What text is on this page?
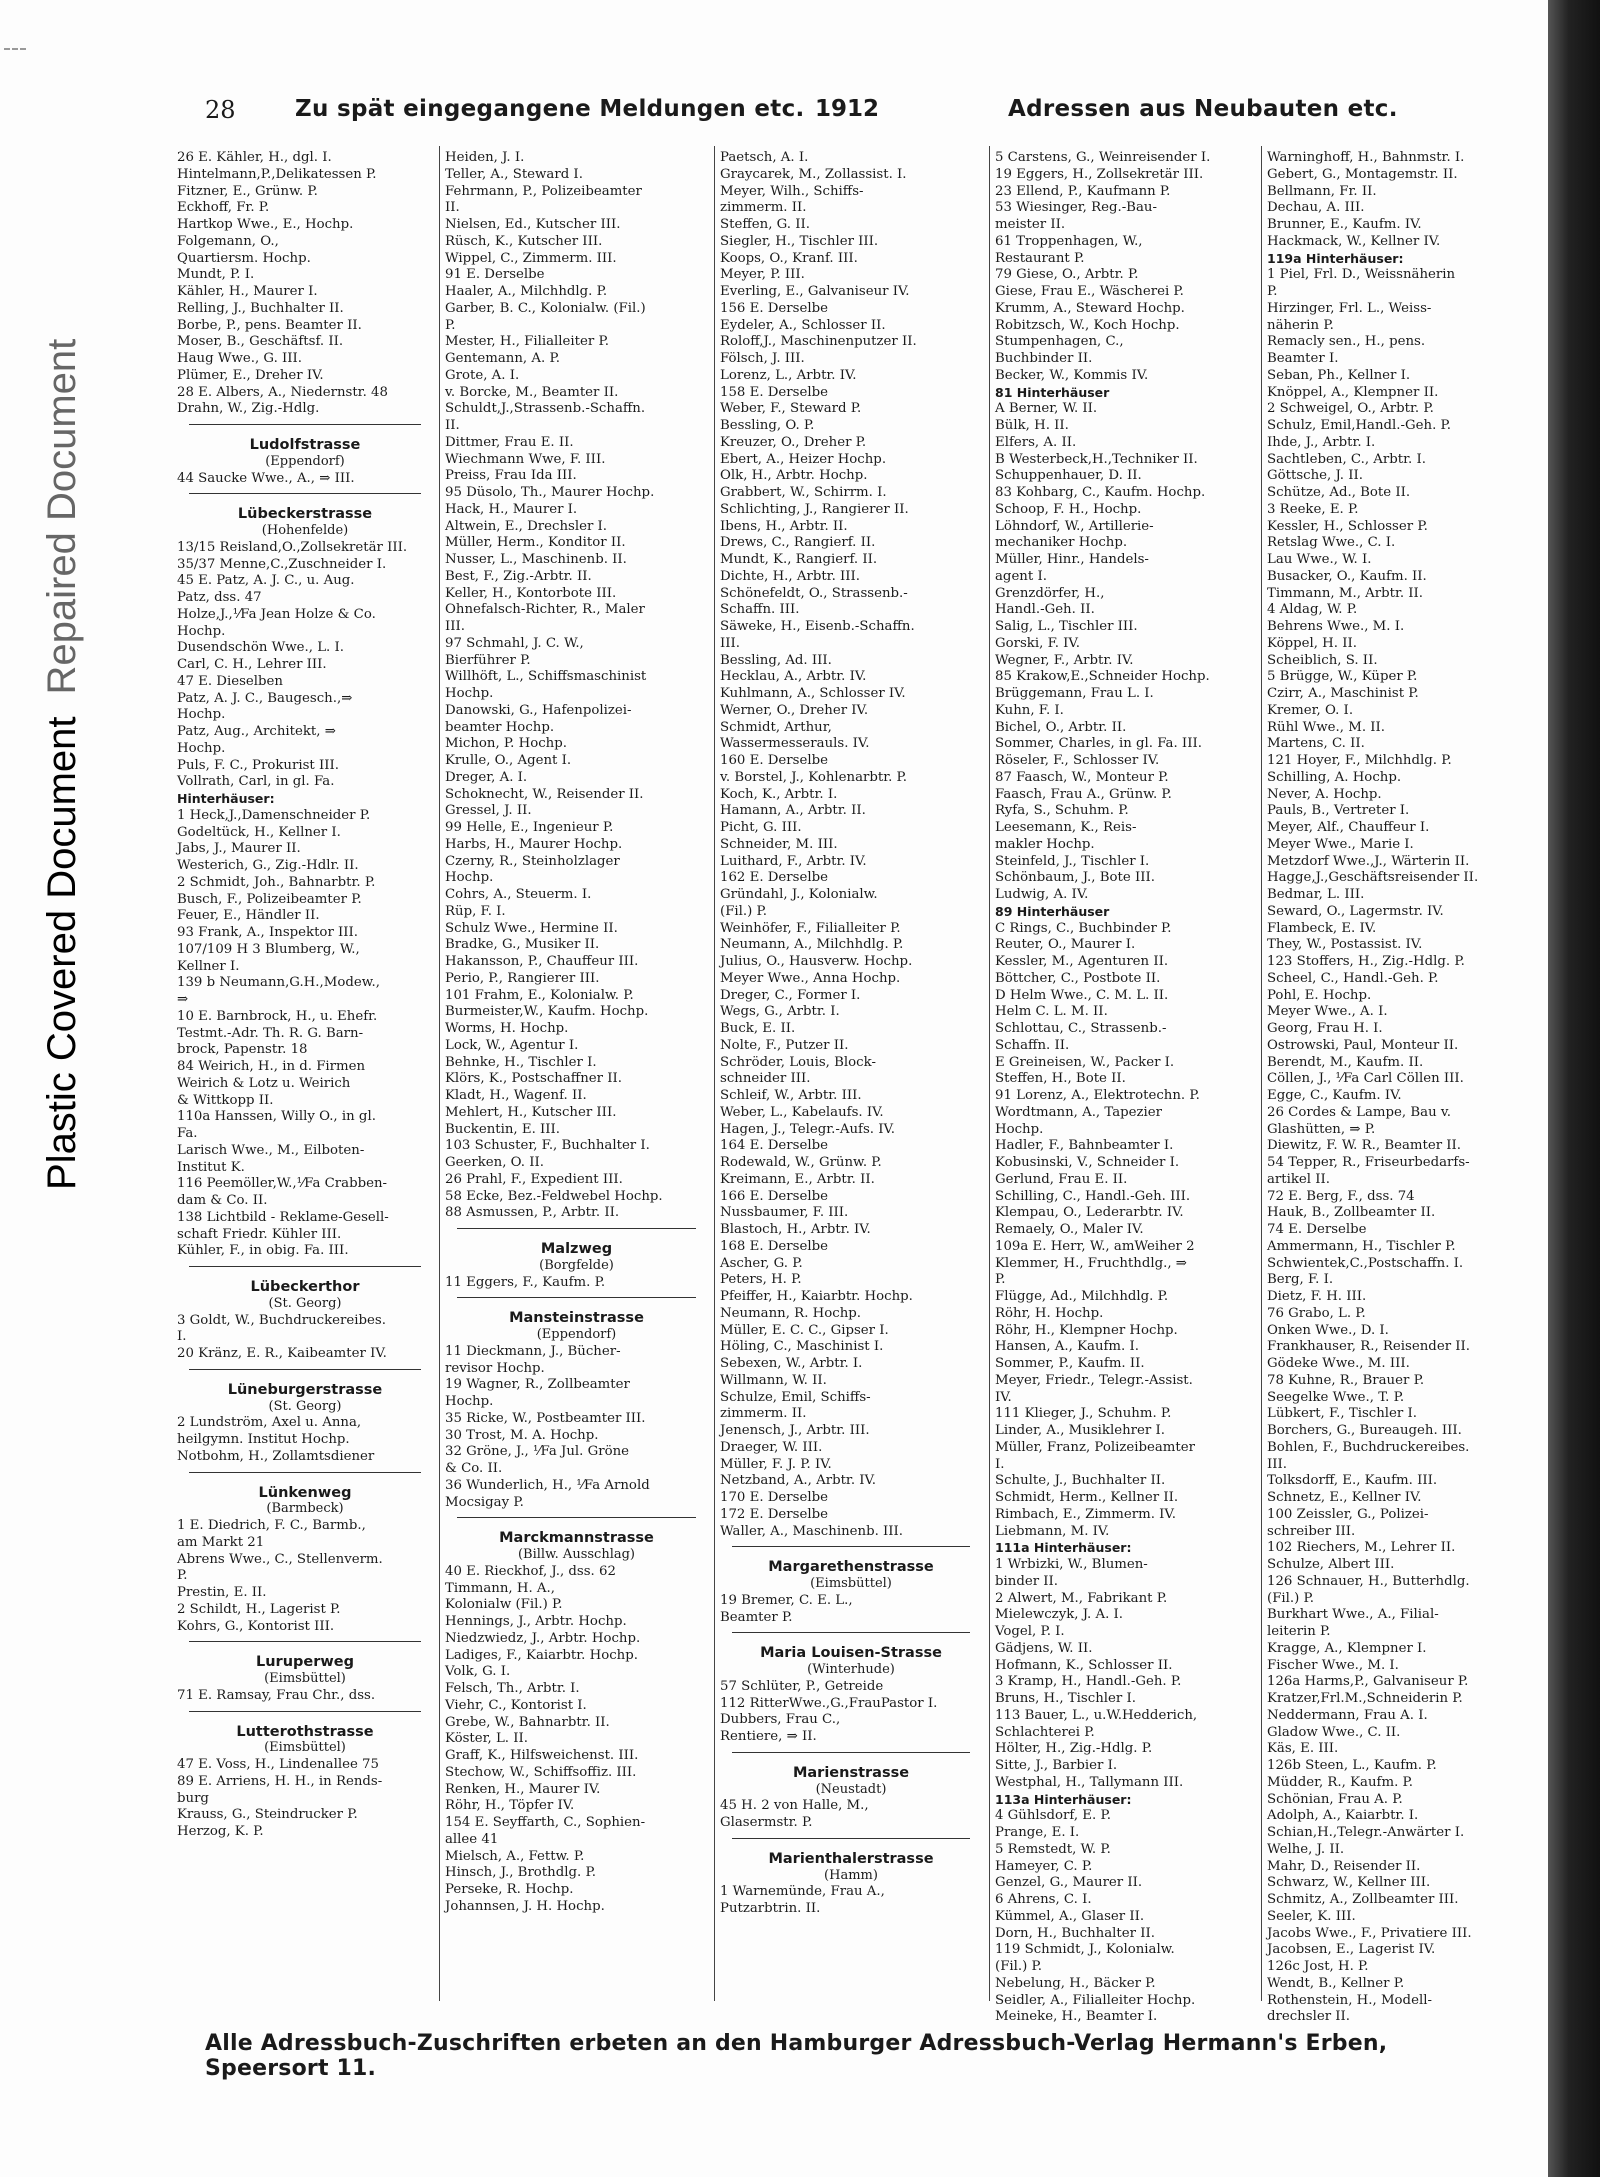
Plastic Covered DocumentRepaired Document
28	Zu spät eingegangene Meldungen etc. 1912	Adressen aus Neubauten etc.
26 E. Kähler, H., dgl. I.
Hintelmann,P.,Delikatessen P.
Fitzner, E., Grünw. P.
Eckhoff, Fr. P.
Hartkop Wwe., E., Hochp.
Folgemann, O.,
Quartiersm. Hochp.
Mundt, P. I.
Kähler, H., Maurer I.
Relling, J., Buchhalter II.
Borbe, P., pens. Beamter II.
Moser, B., Geschäftsf. II.
Haug Wwe., G. III.
Plümer, E., Dreher IV.
28 E. Albers, A., Niedernstr. 48
Drahn, W., Zig.-Hdlg.
Ludolfstrasse
(Eppendorf)
44 Saucke Wwe., A., ⇒ III.
Lübeckerstrasse
(Hohenfelde)
13/15 Reisland,O.,Zollsekretär III.
35/37 Menne,C.,Zuschneider I.
45 E. Patz, A. J. C., u. Aug.
Patz, dss. 47
Holze,J.,⅟Fa Jean Holze & Co.
Hochp.
Dusendschön Wwe., L. I.
Carl, C. H., Lehrer III.
47 E. Dieselben
Patz, A. J. C., Baugesch.,⇒
Hochp.
Patz, Aug., Architekt, ⇒
Hochp.
Puls, F. C., Prokurist III.
Vollrath, Carl, in gl. Fa.
Hinterhäuser:
1 Heck,J.,Damenschneider P.
Godeltück, H., Kellner I.
Jabs, J., Maurer II.
Westerich, G., Zig.-Hdlr. II.
2 Schmidt, Joh., Bahnarbtr. P.
Busch, F., Polizeibeamter P.
Feuer, E., Händler II.
93 Frank, A., Inspektor III.
107/109 H 3 Blumberg, W.,
Kellner I.
139 b Neumann,G.H.,Modew.,
⇒
10 E. Barnbrock, H., u. Ehefr.
Testmt.-Adr. Th. R. G. Barn-
brock, Papenstr. 18
84 Weirich, H., in d. Firmen
Weirich & Lotz u. Weirich
& Wittkopp II.
110a Hanssen, Willy O., in gl.
Fa.
Larisch Wwe., M., Eilboten-
Institut K.
116 Peemöller,W.,⅟Fa Crabben-
dam & Co. II.
138 Lichtbild - Reklame-Gesell-
schaft Friedr. Kühler III.
Kühler, F., in obig. Fa. III.
Lübeckerthor
(St. Georg)
3 Goldt, W., Buchdruckereibes.
I.
20 Kränz, E. R., Kaibeamter IV.
Lüneburgerstrasse
(St. Georg)
2 Lundström, Axel u. Anna,
heilgymn. Institut Hochp.
Notbohm, H., Zollamtsdiener
Lünkenweg
(Barmbeck)
1 E. Diedrich, F. C., Barmb.,
am Markt 21
Abrens Wwe., C., Stellenverm.
P.
Prestin, E. II.
2 Schildt, H., Lagerist P.
Kohrs, G., Kontorist III.
Luruperweg
(Eimsbüttel)
71 E. Ramsay, Frau Chr., dss.
Lutterothstrasse
(Eimsbüttel)
47 E. Voss, H., Lindenallee 75
89 E. Arriens, H. H., in Rends-
burg
Krauss, G., Steindrucker P.
Herzog, K. P.
Heiden, J. I.
Teller, A., Steward I.
Fehrmann, P., Polizeibeamter
II.
Nielsen, Ed., Kutscher III.
Rüsch, K., Kutscher III.
Wippel, C., Zimmerm. III.
91 E. Derselbe
Haaler, A., Milchhdlg. P.
Garber, B. C., Kolonialw. (Fil.)
P.
Mester, H., Filialleiter P.
Gentemann, A. P.
Grote, A. I.
v. Borcke, M., Beamter II.
Schuldt,J.,Strassenb.-Schaffn.
II.
Dittmer, Frau E. II.
Wiechmann Wwe, F. III.
Preiss, Frau Ida III.
95 Düsolo, Th., Maurer Hochp.
Hack, H., Maurer I.
Altwein, E., Drechsler I.
Müller, Herm., Konditor II.
Nusser, L., Maschinenb. II.
Best, F., Zig.-Arbtr. II.
Keller, H., Kontorbote III.
Ohnefalsch-Richter, R., Maler
III.
97 Schmahl, J. C. W.,
Bierführer P.
Willhöft, L., Schiffsmaschinist
Hochp.
Danowski, G., Hafenpolizei-
beamter Hochp.
Michon, P. Hochp.
Krulle, O., Agent I.
Dreger, A. I.
Schoknecht, W., Reisender II.
Gressel, J. II.
99 Helle, E., Ingenieur P.
Harbs, H., Maurer Hochp.
Czerny, R., Steinholzlager
Hochp.
Cohrs, A., Steuerm. I.
Rüp, F. I.
Schulz Wwe., Hermine II.
Bradke, G., Musiker II.
Hakansson, P., Chauffeur III.
Perio, P., Rangierer III.
101 Frahm, E., Kolonialw. P.
Burmeister,W., Kaufm. Hochp.
Worms, H. Hochp.
Lock, W., Agentur I.
Behnke, H., Tischler I.
Klörs, K., Postschaffner II.
Kladt, H., Wagenf. II.
Mehlert, H., Kutscher III.
Buckentin, E. III.
103 Schuster, F., Buchhalter I.
Geerken, O. II.
26 Prahl, F., Expedient III.
58 Ecke, Bez.-Feldwebel Hochp.
88 Asmussen, P., Arbtr. II.
Malzweg
(Borgfelde)
11 Eggers, F., Kaufm. P.
Mansteinstrasse
(Eppendorf)
11 Dieckmann, J., Bücher-
revisor Hochp.
19 Wagner, R., Zollbeamter
Hochp.
35 Ricke, W., Postbeamter III.
30 Trost, M. A. Hochp.
32 Gröne, J., ⅟Fa Jul. Gröne
& Co. II.
36 Wunderlich, H., ⅟Fa Arnold
Mocsigay P.
Marckmannstrasse
(Billw. Ausschlag)
40 E. Rieckhof, J., dss. 62
Timmann, H. A.,
Kolonialw (Fil.) P.
Hennings, J., Arbtr. Hochp.
Niedzwiedz, J., Arbtr. Hochp.
Ladiges, F., Kaiarbtr. Hochp.
Volk, G. I.
Felsch, Th., Arbtr. I.
Viehr, C., Kontorist I.
Grebe, W., Bahnarbtr. II.
Köster, L. II.
Graff, K., Hilfsweichenst. III.
Stechow, W., Schiffsoffiz. III.
Renken, H., Maurer IV.
Röhr, H., Töpfer IV.
154 E. Seyffarth, C., Sophien-
allee 41
Mielsch, A., Fettw. P.
Hinsch, J., Brothdlg. P.
Perseke, R. Hochp.
Johannsen, J. H. Hochp.
Paetsch, A. I.
Graycarek, M., Zollassist. I.
Meyer, Wilh., Schiffs-
zimmerm. II.
Steffen, G. II.
Siegler, H., Tischler III.
Koops, O., Kranf. III.
Meyer, P. III.
Everling, E., Galvaniseur IV.
156 E. Derselbe
Eydeler, A., Schlosser II.
Roloff,J., Maschinenputzer II.
Fölsch, J. III.
Lorenz, L., Arbtr. IV.
158 E. Derselbe
Weber, F., Steward P.
Bessling, O. P.
Kreuzer, O., Dreher P.
Ebert, A., Heizer Hochp.
Olk, H., Arbtr. Hochp.
Grabbert, W., Schirrm. I.
Schlichting, J., Rangierer II.
Ibens, H., Arbtr. II.
Drews, C., Rangierf. II.
Mundt, K., Rangierf. II.
Dichte, H., Arbtr. III.
Schönefeldt, O., Strassenb.-
Schaffn. III.
Säweke, H., Eisenb.-Schaffn.
III.
Bessling, Ad. III.
Hecklau, A., Arbtr. IV.
Kuhlmann, A., Schlosser IV.
Werner, O., Dreher IV.
Schmidt, Arthur,
Wassermesserauls. IV.
160 E. Derselbe
v. Borstel, J., Kohlenarbtr. P.
Koch, K., Arbtr. I.
Hamann, A., Arbtr. II.
Picht, G. III.
Schneider, M. III.
Luithard, F., Arbtr. IV.
162 E. Derselbe
Gründahl, J., Kolonialw.
(Fil.) P.
Weinhöfer, F., Filialleiter P.
Neumann, A., Milchhdlg. P.
Julius, O., Hausverw. Hochp.
Meyer Wwe., Anna Hochp.
Dreger, C., Former I.
Wegs, G., Arbtr. I.
Buck, E. II.
Nolte, F., Putzer II.
Schröder, Louis, Block-
schneider III.
Schleif, W., Arbtr. III.
Weber, L., Kabelaufs. IV.
Hagen, J., Telegr.-Aufs. IV.
164 E. Derselbe
Rodewald, W., Grünw. P.
Kreimann, E., Arbtr. II.
166 E. Derselbe
Nussbaumer, F. III.
Blastoch, H., Arbtr. IV.
168 E. Derselbe
Ascher, G. P.
Peters, H. P.
Pfeiffer, H., Kaiarbtr. Hochp.
Neumann, R. Hochp.
Müller, E. C. C., Gipser I.
Höling, C., Maschinist I.
Sebexen, W., Arbtr. I.
Willmann, W. II.
Schulze, Emil, Schiffs-
zimmerm. II.
Jenensch, J., Arbtr. III.
Draeger, W. III.
Müller, F. J. P. IV.
Netzband, A., Arbtr. IV.
170 E. Derselbe
172 E. Derselbe
Waller, A., Maschinenb. III.
Margarethenstrasse
(Eimsbüttel)
19 Bremer, C. E. L.,
Beamter P.
Maria Louisen-Strasse
(Winterhude)
57 Schlüter, P., Getreide
112 RitterWwe.,G.,FrauPastor I.
Dubbers, Frau C.,
Rentiere, ⇒ II.
Marienstrasse
(Neustadt)
45 H. 2 von Halle, M.,
Glasermstr. P.
Marienthalerstrasse
(Hamm)
1 Warnemünde, Frau A.,
Putzarbtrin. II.
5 Carstens, G., Weinreisender I.
19 Eggers, H., Zollsekretär III.
23 Ellend, P., Kaufmann P.
53 Wiesinger, Reg.-Bau-
meister II.
61 Troppenhagen, W.,
Restaurant P.
79 Giese, O., Arbtr. P.
Giese, Frau E., Wäscherei P.
Krumm, A., Steward Hochp.
Robitzsch, W., Koch Hochp.
Stumpenhagen, C.,
Buchbinder II.
Becker, W., Kommis IV.
81 Hinterhäuser
A Berner, W. II.
Bülk, H. II.
Elfers, A. II.
B Westerbeck,H.,Techniker II.
Schuppenhauer, D. II.
83 Kohbarg, C., Kaufm. Hochp.
Schoop, F. H., Hochp.
Löhndorf, W., Artillerie-
mechaniker Hochp.
Müller, Hinr., Handels-
agent I.
Grenzdörfer, H.,
Handl.-Geh. II.
Salig, L., Tischler III.
Gorski, F. IV.
Wegner, F., Arbtr. IV.
85 Krakow,E.,Schneider Hochp.
Brüggemann, Frau L. I.
Kuhn, F. I.
Bichel, O., Arbtr. II.
Sommer, Charles, in gl. Fa. III.
Röseler, F., Schlosser IV.
87 Faasch, W., Monteur P.
Faasch, Frau A., Grünw. P.
Ryfa, S., Schuhm. P.
Leesemann, K., Reis-
makler Hochp.
Steinfeld, J., Tischler I.
Schönbaum, J., Bote III.
Ludwig, A. IV.
89 Hinterhäuser
C Rings, C., Buchbinder P.
Reuter, O., Maurer I.
Kessler, M., Agenturen II.
Böttcher, C., Postbote II.
D Helm Wwe., C. M. L. II.
Helm C. L. M. II.
Schlottau, C., Strassenb.-
Schaffn. II.
E Greineisen, W., Packer I.
Steffen, H., Bote II.
91 Lorenz, A., Elektrotechn. P.
Wordtmann, A., Tapezier
Hochp.
Hadler, F., Bahnbeamter I.
Kobusinski, V., Schneider I.
Gerlund, Frau E. II.
Schilling, C., Handl.-Geh. III.
Klempau, O., Lederarbtr. IV.
Remaely, O., Maler IV.
109a E. Herr, W., amWeiher 2
Klemmer, H., Fruchthdlg., ⇒
P.
Flügge, Ad., Milchhdlg. P.
Röhr, H. Hochp.
Röhr, H., Klempner Hochp.
Hansen, A., Kaufm. I.
Sommer, P., Kaufm. II.
Meyer, Friedr., Telegr.-Assist.
IV.
111 Klieger, J., Schuhm. P.
Linder, A., Musiklehrer I.
Müller, Franz, Polizeibeamter
I.
Schulte, J., Buchhalter II.
Schmidt, Herm., Kellner II.
Rimbach, E., Zimmerm. IV.
Liebmann, M. IV.
111a Hinterhäuser:
1 Wrbizki, W., Blumen-
binder II.
2 Alwert, M., Fabrikant P.
Mielewczyk, J. A. I.
Vogel, P. I.
Gädjens, W. II.
Hofmann, K., Schlosser II.
3 Kramp, H., Handl.-Geh. P.
Bruns, H., Tischler I.
113 Bauer, L., u.W.Hedderich,
Schlachterei P.
Hölter, H., Zig.-Hdlg. P.
Sitte, J., Barbier I.
Westphal, H., Tallymann III.
113a Hinterhäuser:
4 Gühlsdorf, E. P.
Prange, E. I.
5 Remstedt, W. P.
Hameyer, C. P.
Genzel, G., Maurer II.
6 Ahrens, C. I.
Kümmel, A., Glaser II.
Dorn, H., Buchhalter II.
119 Schmidt, J., Kolonialw.
(Fil.) P.
Nebelung, H., Bäcker P.
Seidler, A., Filialleiter Hochp.
Meineke, H., Beamter I.
Warninghoff, H., Bahnmstr. I.
Gebert, G., Montagemstr. II.
Bellmann, Fr. II.
Dechau, A. III.
Brunner, E., Kaufm. IV.
Hackmack, W., Kellner IV.
119a Hinterhäuser:
1 Piel, Frl. D., Weissnäherin
P.
Hirzinger, Frl. L., Weiss-
näherin P.
Remacly sen., H., pens.
Beamter I.
Seban, Ph., Kellner I.
Knöppel, A., Klempner II.
2 Schweigel, O., Arbtr. P.
Schulz, Emil,Handl.-Geh. P.
Ihde, J., Arbtr. I.
Sachtleben, C., Arbtr. I.
Göttsche, J. II.
Schütze, Ad., Bote II.
3 Reeke, E. P.
Kessler, H., Schlosser P.
Retslag Wwe., C. I.
Lau Wwe., W. I.
Busacker, O., Kaufm. II.
Timmann, M., Arbtr. II.
4 Aldag, W. P.
Behrens Wwe., M. I.
Köppel, H. II.
Scheiblich, S. II.
5 Brügge, W., Küper P.
Czirr, A., Maschinist P.
Kremer, O. I.
Rühl Wwe., M. II.
Martens, C. II.
121 Hoyer, F., Milchhdlg. P.
Schilling, A. Hochp.
Never, A. Hochp.
Pauls, B., Vertreter I.
Meyer, Alf., Chauffeur I.
Meyer Wwe., Marie I.
Metzdorf Wwe.,J., Wärterin II.
Hagge,J.,Geschäftsreisender II.
Bedmar, L. III.
Seward, O., Lagermstr. IV.
Flambeck, E. IV.
They, W., Postassist. IV.
123 Stoffers, H., Zig.-Hdlg. P.
Scheel, C., Handl.-Geh. P.
Pohl, E. Hochp.
Meyer Wwe., A. I.
Georg, Frau H. I.
Ostrowski, Paul, Monteur II.
Berendt, M., Kaufm. II.
Cöllen, J., ⅟Fa Carl Cöllen III.
Egge, C., Kaufm. IV.
26 Cordes & Lampe, Bau v.
Glashütten, ⇒ P.
Diewitz, F. W. R., Beamter II.
54 Tepper, R., Friseurbedarfs-
artikel II.
72 E. Berg, F., dss. 74
Hauk, B., Zollbeamter II.
74 E. Derselbe
Ammermann, H., Tischler P.
Schwientek,C.,Postschaffn. I.
Berg, F. I.
Dietz, F. H. III.
76 Grabo, L. P.
Onken Wwe., D. I.
Frankhauser, R., Reisender II.
Gödeke Wwe., M. III.
78 Kuhne, R., Brauer P.
Seegelke Wwe., T. P.
Lübkert, F., Tischler I.
Borchers, G., Bureaugeh. III.
Bohlen, F., Buchdruckereibes.
III.
Tolksdorff, E., Kaufm. III.
Schnetz, E., Kellner IV.
100 Zeissler, G., Polizei-
schreiber III.
102 Riechers, M., Lehrer II.
Schulze, Albert III.
126 Schnauer, H., Butterhdlg.
(Fil.) P.
Burkhart Wwe., A., Filial-
leiterin P.
Kragge, A., Klempner I.
Fischer Wwe., M. I.
126a Harms,P., Galvaniseur P.
Kratzer,Frl.M.,Schneiderin P.
Neddermann, Frau A. I.
Gladow Wwe., C. II.
Käs, E. III.
126b Steen, L., Kaufm. P.
Müdder, R., Kaufm. P.
Schönian, Frau A. P.
Adolph, A., Kaiarbtr. I.
Schian,H.,Telegr.-Anwärter I.
Welhe, J. II.
Mahr, D., Reisender II.
Schwarz, W., Kellner III.
Schmitz, A., Zollbeamter III.
Seeler, K. III.
Jacobs Wwe., F., Privatiere III.
Jacobsen, E., Lagerist IV.
126c Jost, H. P.
Wendt, B., Kellner P.
Rothenstein, H., Modell-
drechsler II.
Alle Adressbuch-Zuschriften erbeten an den Hamburger Adressbuch-Verlag Hermann's Erben, Speersort 11.
